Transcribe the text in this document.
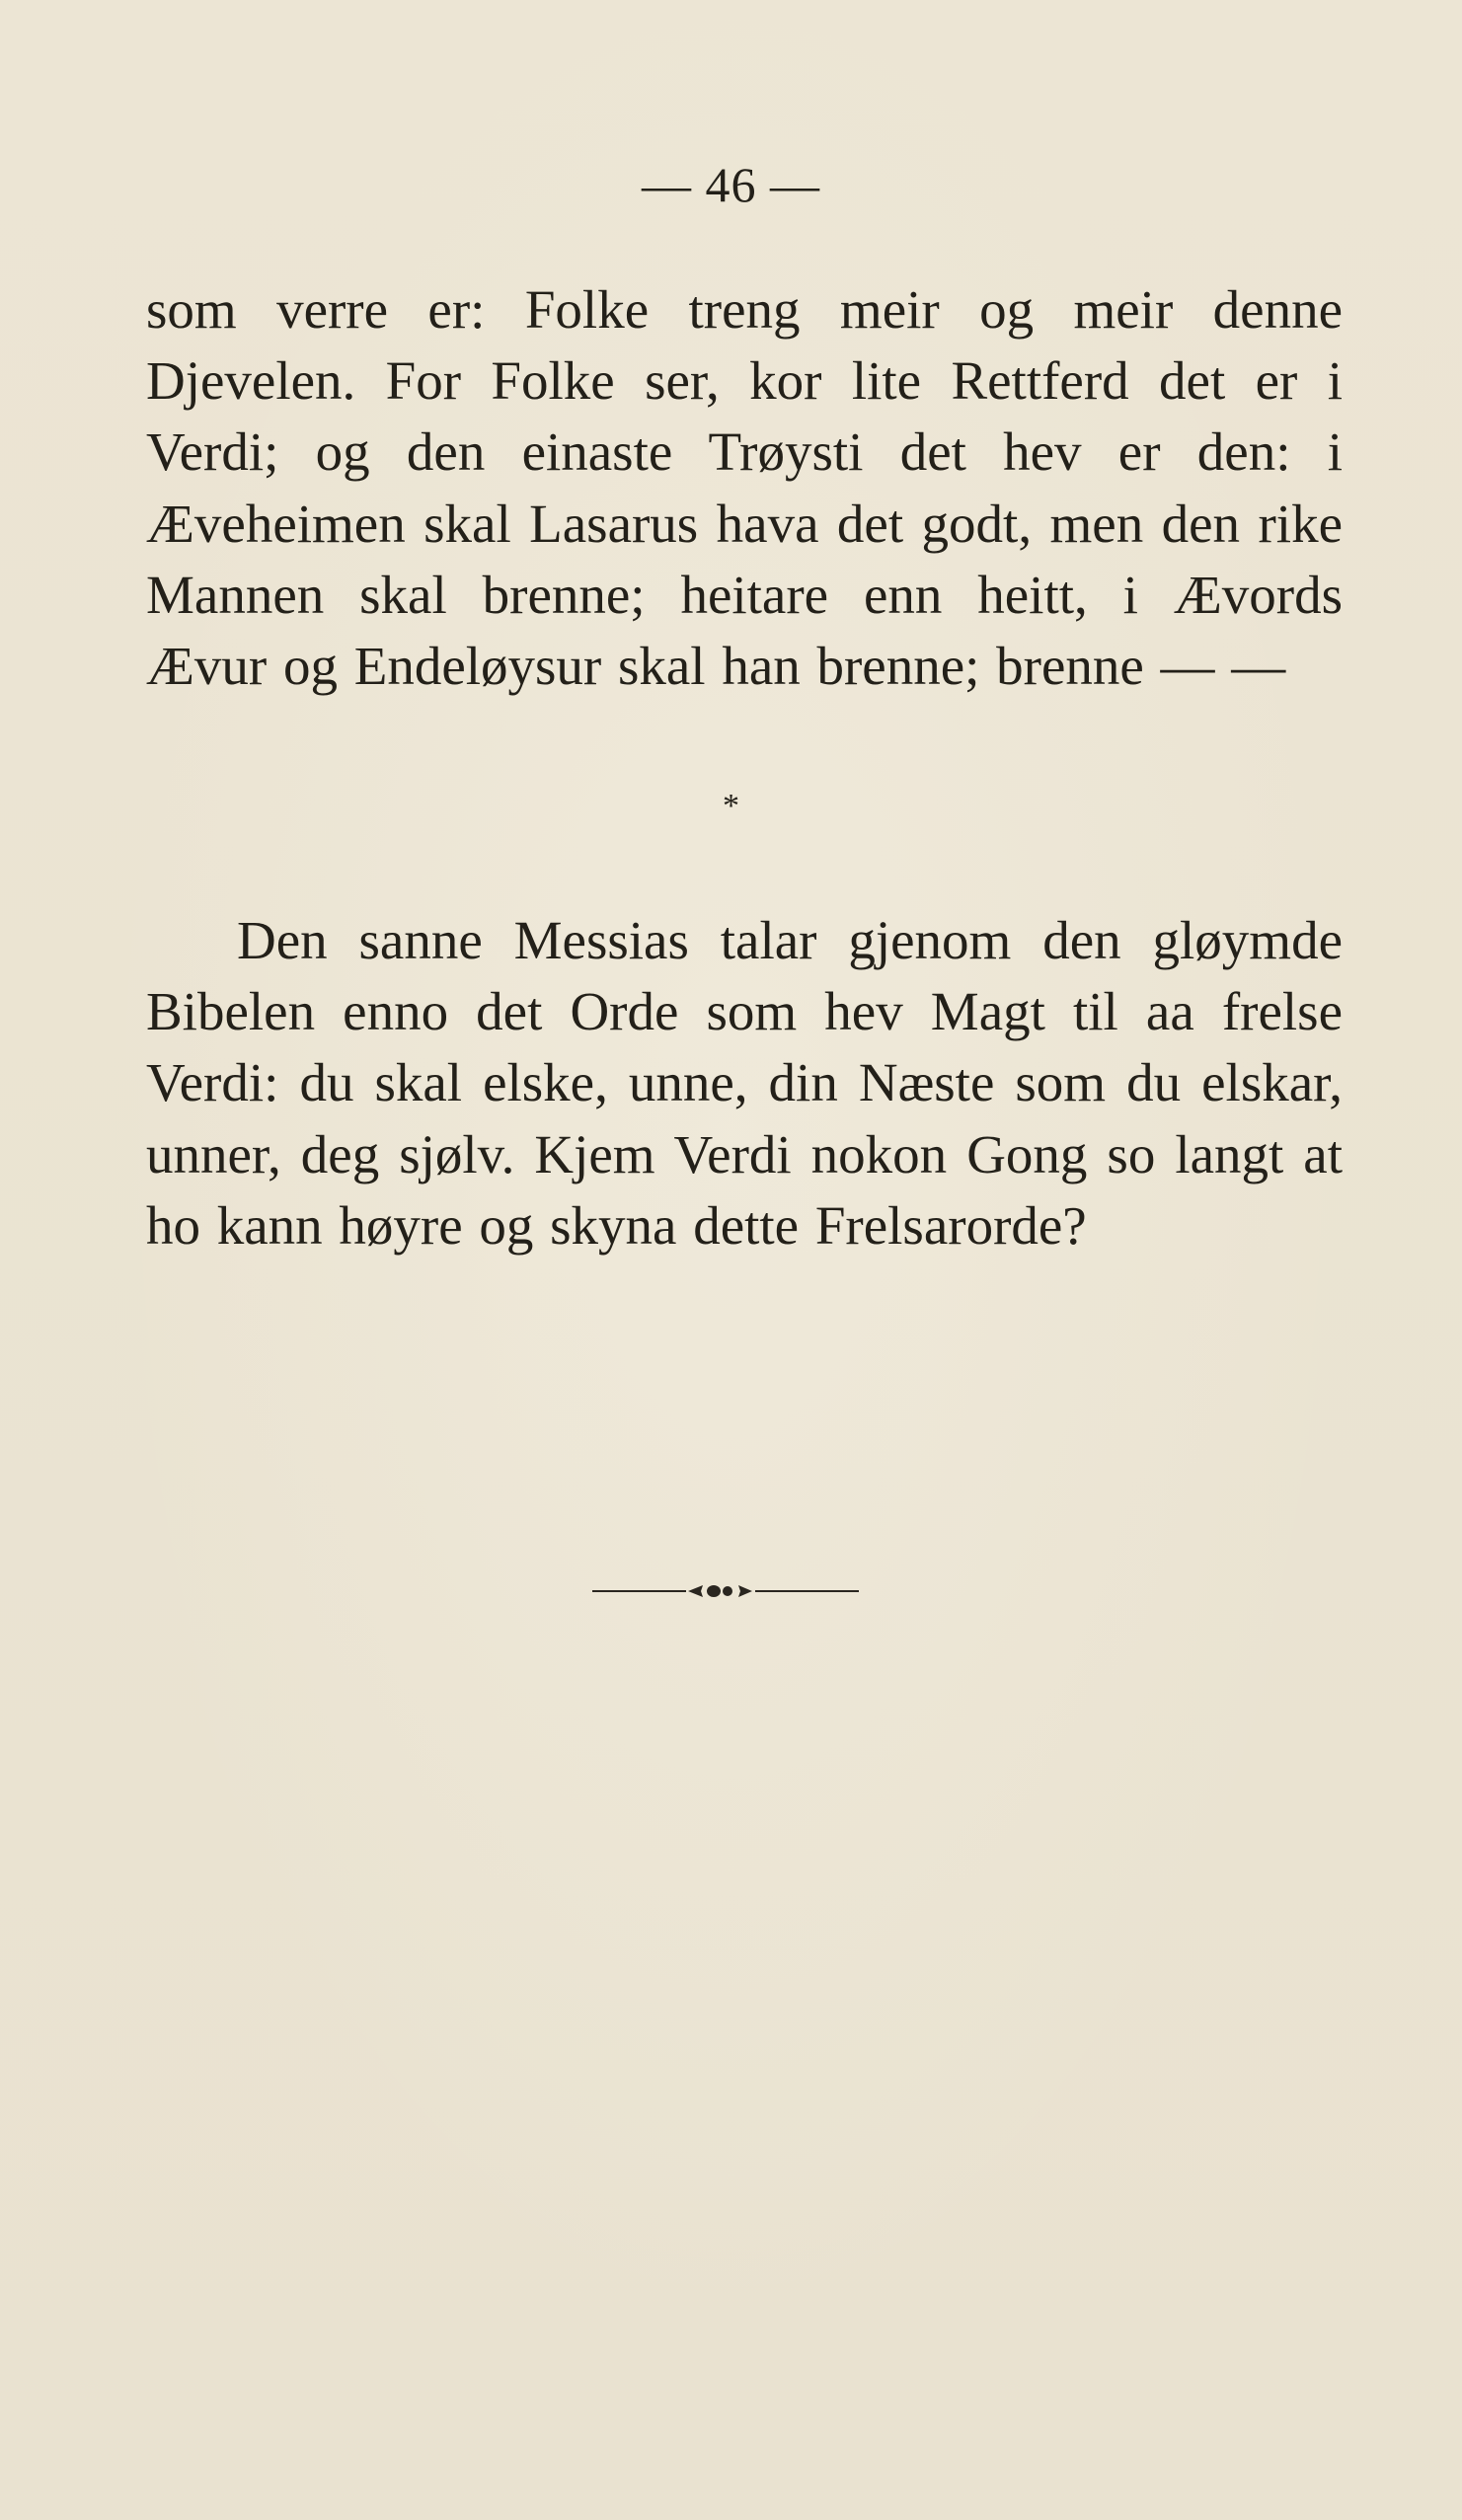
— 46 —

som verre er: Folke treng meir og meir denne Djevelen. For Folke ser, kor lite Rettferd det er i Verdi; og den einaste Trøysti det hev er den: i Æveheimen skal Lasarus hava det godt, men den rike Mannen skal brenne; heitare enn heitt, i Ævords Ævur og Endeløysur skal han brenne; brenne — —

*

Den sanne Messias talar gjenom den gløymde Bibelen enno det Orde som hev Magt til aa frelse Verdi: du skal elske, unne, din Næste som du elskar, unner, deg sjølv. Kjem Verdi nokon Gong so langt at ho kann høyre og skyna dette Frelsarorde?
